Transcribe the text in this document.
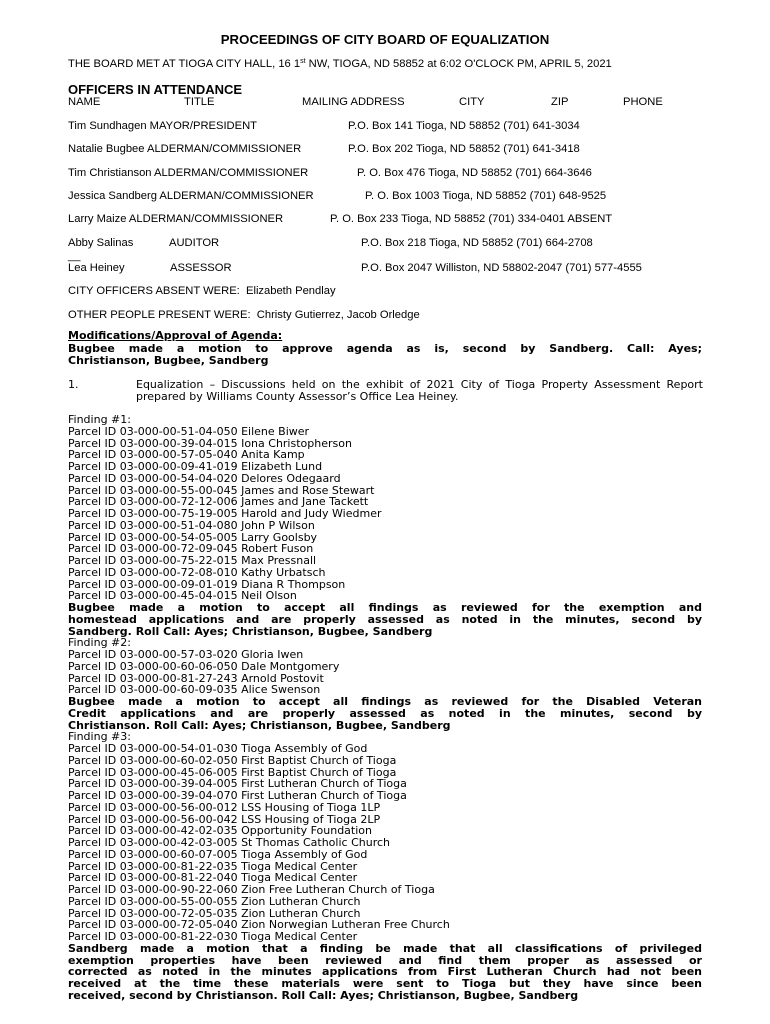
PROCEEDINGS OF CITY BOARD OF EQUALIZATION
THE BOARD MET AT TIOGA CITY HALL, 16 1st NW, TIOGA, ND 58852 at 6:02 O'CLOCK PM, APRIL 5, 2021
OFFICERS IN ATTENDANCE
NAME	TITLE	MAILING ADDRESS	CITY	ZIP	PHONE
Tim Sundhagen MAYOR/PRESIDENT	P.O. Box 141 Tioga, ND 58852 (701) 641-3034
Natalie Bugbee ALDERMAN/COMMISSIONER	P.O. Box 202 Tioga, ND 58852 (701) 641-3418
Tim Christianson ALDERMAN/COMMISSIONER	P. O. Box 476 Tioga, ND 58852 (701) 664-3646
Jessica Sandberg ALDERMAN/COMMISSIONER	P. O. Box 1003 Tioga, ND 58852 (701) 648-9525
Larry Maize ALDERMAN/COMMISSIONER	P. O. Box 233 Tioga, ND 58852 (701) 334-0401 ABSENT
Abby Salinas	AUDITOR	P.O. Box 218 Tioga, ND 58852 (701) 664-2708
__
Lea Heiney	ASSESSOR	P.O. Box 2047 Williston, ND 58802-2047 (701) 577-4555
CITY OFFICERS ABSENT WERE:  Elizabeth Pendlay
OTHER PEOPLE PRESENT WERE:  Christy Gutierrez, Jacob Orledge
Modifications/Approval of Agenda:
Bugbee made a motion to approve agenda as is, second by Sandberg. Call: Ayes;
Christianson, Bugbee, Sandberg
1.	Equalization – Discussions held on the exhibit of 2021 City of Tioga Property Assessment Report prepared by Williams County Assessor’s Office Lea Heiney.
Finding #1:
Parcel ID 03-000-00-51-04-050 Eilene Biwer
Parcel ID 03-000-00-39-04-015 Iona Christopherson
Parcel ID 03-000-00-57-05-040 Anita Kamp
Parcel ID 03-000-00-09-41-019 Elizabeth Lund
Parcel ID 03-000-00-54-04-020 Delores Odegaard
Parcel ID 03-000-00-55-00-045 James and Rose Stewart
Parcel ID 03-000-00-72-12-006 James and Jane Tackett
Parcel ID 03-000-00-75-19-005 Harold and Judy Wiedmer
Parcel ID 03-000-00-51-04-080 John P Wilson
Parcel ID 03-000-00-54-05-005 Larry Goolsby
Parcel ID 03-000-00-72-09-045 Robert Fuson
Parcel ID 03-000-00-75-22-015 Max Pressnall
Parcel ID 03-000-00-72-08-010 Kathy Urbatsch
Parcel ID 03-000-00-09-01-019 Diana R Thompson
Parcel ID 03-000-00-45-04-015 Neil Olson
Bugbee made a motion to accept all findings as reviewed for the exemption and
homestead applications and are properly assessed as noted in the minutes, second by
Sandberg. Roll Call: Ayes; Christianson, Bugbee, Sandberg
Finding #2:
Parcel ID 03-000-00-57-03-020 Gloria Iwen
Parcel ID 03-000-00-60-06-050 Dale Montgomery
Parcel ID 03-000-00-81-27-243 Arnold Postovit
Parcel ID 03-000-00-60-09-035 Alice Swenson
Bugbee made a motion to accept all findings as reviewed for the Disabled Veteran
Credit applications and are properly assessed as noted in the minutes, second by
Christianson. Roll Call: Ayes; Christianson, Bugbee, Sandberg
Finding #3:
Parcel ID 03-000-00-54-01-030 Tioga Assembly of God
Parcel ID 03-000-00-60-02-050 First Baptist Church of Tioga
Parcel ID 03-000-00-45-06-005 First Baptist Church of Tioga
Parcel ID 03-000-00-39-04-005 First Lutheran Church of Tioga
Parcel ID 03-000-00-39-04-070 First Lutheran Church of Tioga
Parcel ID 03-000-00-56-00-012 LSS Housing of Tioga 1LP
Parcel ID 03-000-00-56-00-042 LSS Housing of Tioga 2LP
Parcel ID 03-000-00-42-02-035 Opportunity Foundation
Parcel ID 03-000-00-42-03-005 St Thomas Catholic Church
Parcel ID 03-000-00-60-07-005 Tioga Assembly of God
Parcel ID 03-000-00-81-22-035 Tioga Medical Center
Parcel ID 03-000-00-81-22-040 Tioga Medical Center
Parcel ID 03-000-00-90-22-060 Zion Free Lutheran Church of Tioga
Parcel ID 03-000-00-55-00-055 Zion Lutheran Church
Parcel ID 03-000-00-72-05-035 Zion Lutheran Church
Parcel ID 03-000-00-72-05-040 Zion Norwegian Lutheran Free Church
Parcel ID 03-000-00-81-22-030 Tioga Medical Center
Sandberg made a motion that a finding be made that all classifications of privileged
exemption properties have been reviewed and find them proper as assessed or
corrected as noted in the minutes applications from First Lutheran Church had not been
received at the time these materials were sent to Tioga but they have since been
received, second by Christianson. Roll Call: Ayes; Christianson, Bugbee, Sandberg
